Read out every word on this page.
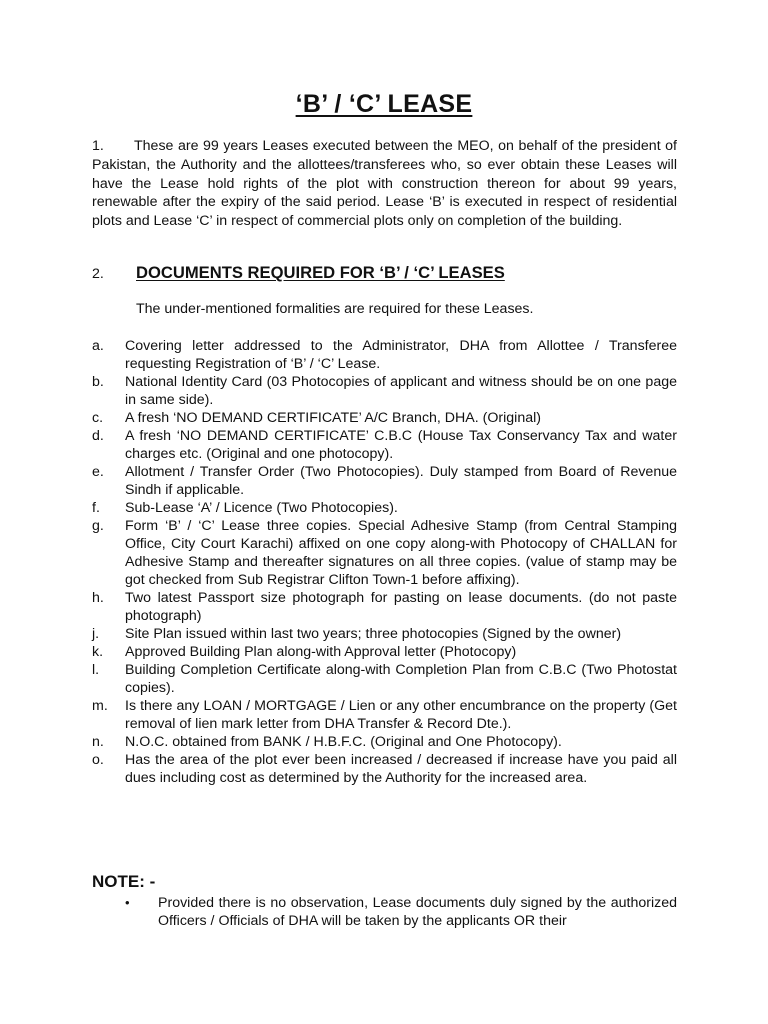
‘B’ / ‘C’ LEASE
1. These are 99 years Leases executed between the MEO, on behalf of the president of Pakistan, the Authority and the allottees/transferees who, so ever obtain these Leases will have the Lease hold rights of the plot with construction thereon for about 99 years, renewable after the expiry of the said period. Lease ‘B’ is executed in respect of residential plots and Lease ‘C’ in respect of commercial plots only on completion of the building.
2. DOCUMENTS REQUIRED FOR ‘B’ / ‘C’ LEASES
The under-mentioned formalities are required for these Leases.
a. Covering letter addressed to the Administrator, DHA from Allottee / Transferee requesting Registration of ‘B’ / ‘C’ Lease.
b. National Identity Card (03 Photocopies of applicant and witness should be on one page in same side).
c. A fresh ‘NO DEMAND CERTIFICATE’ A/C Branch, DHA. (Original)
d. A fresh ‘NO DEMAND CERTIFICATE’ C.B.C (House Tax Conservancy Tax and water charges etc. (Original and one photocopy).
e. Allotment / Transfer Order (Two Photocopies). Duly stamped from Board of Revenue Sindh if applicable.
f. Sub-Lease ‘A’ / Licence (Two Photocopies).
g. Form ‘B’ / ‘C’ Lease three copies. Special Adhesive Stamp (from Central Stamping Office, City Court Karachi) affixed on one copy along-with Photocopy of CHALLAN for Adhesive Stamp and thereafter signatures on all three copies. (value of stamp may be got checked from Sub Registrar Clifton Town-1 before affixing).
h. Two latest Passport size photograph for pasting on lease documents. (do not paste photograph)
j. Site Plan issued within last two years; three photocopies (Signed by the owner)
k. Approved Building Plan along-with Approval letter (Photocopy)
l. Building Completion Certificate along-with Completion Plan from C.B.C (Two Photostat copies).
m. Is there any LOAN / MORTGAGE / Lien or any other encumbrance on the property (Get removal of lien mark letter from DHA Transfer & Record Dte.).
n. N.O.C. obtained from BANK / H.B.F.C. (Original and One Photocopy).
o. Has the area of the plot ever been increased / decreased if increase have you paid all dues including cost as determined by the Authority for the increased area.
NOTE: -
• Provided there is no observation, Lease documents duly signed by the authorized Officers / Officials of DHA will be taken by the applicants OR their
